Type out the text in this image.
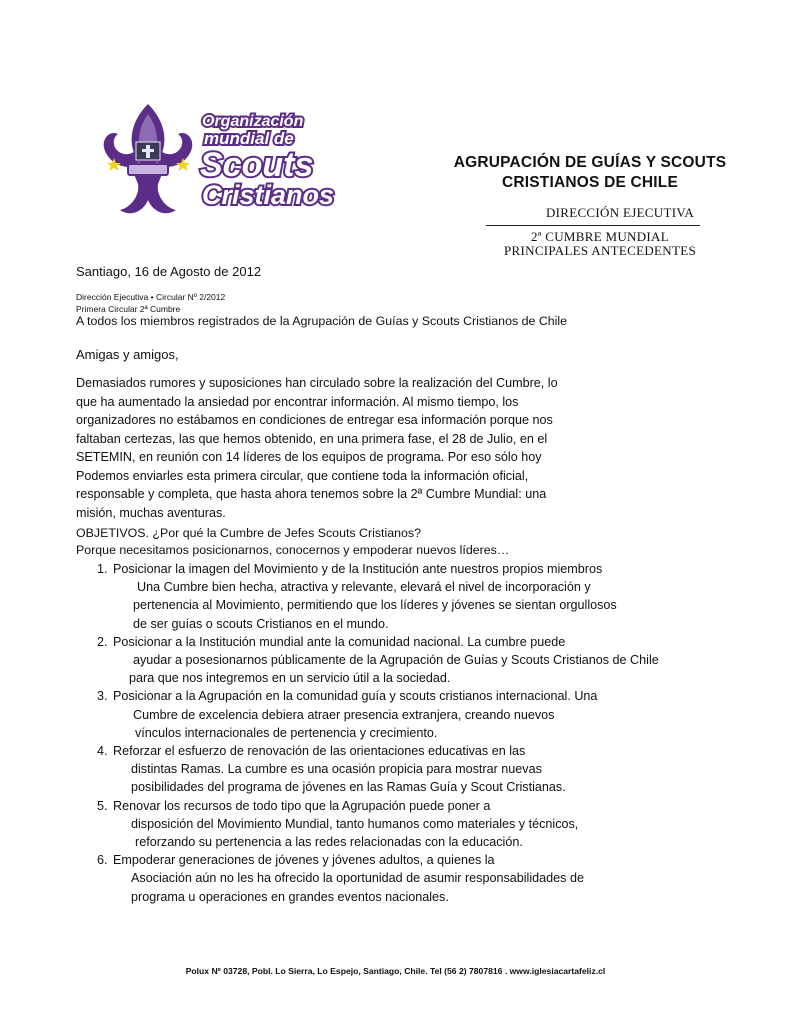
Organización
mundial de
Scouts
Cristianos
AGRUPACIÓN DE GUÍAS Y SCOUTS
CRISTIANOS DE CHILE
DIRECCIÓN EJECUTIVA
2ª CUMBRE MUNDIAL
PRINCIPALES ANTECEDENTES
Santiago, 16 de Agosto de 2012
Dirección Ejecutiva • Circular Nº 2/2012
Primera Circular 2ª Cumbre
A todos los miembros registrados de la Agrupación de Guías y Scouts Cristianos de Chile
Amigas y amigos,
Demasiados rumores y suposiciones han circulado sobre la realización del Cumbre, lo
que ha aumentado la ansiedad por encontrar información. Al mismo tiempo, los
organizadores no estábamos en condiciones de entregar esa información porque nos
faltaban certezas, las que hemos obtenido, en una primera fase, el 28 de Julio, en el
SETEMIN, en reunión con 14 líderes de los equipos de programa. Por eso sólo hoy
Podemos enviarles esta primera circular, que contiene toda la información oficial,
responsable y completa, que hasta ahora tenemos sobre la 2ª Cumbre Mundial: una
misión, muchas aventuras.
OBJETIVOS. ¿Por qué la Cumbre de Jefes Scouts Cristianos?
Porque necesitamos posicionarnos, conocernos y empoderar nuevos líderes…
1. Posicionar la imagen del Movimiento y de la Institución ante nuestros propios miembros
Una Cumbre bien hecha, atractiva y relevante, elevará el nivel de incorporación y
pertenencia al Movimiento, permitiendo que los líderes y jóvenes se sientan orgullosos
de ser guías o scouts Cristianos en el mundo.
2. Posicionar a la Institución mundial ante la comunidad nacional. La cumbre puede
ayudar a posesionarnos públicamente de la Agrupación de Guías y Scouts Cristianos de Chile
para que nos integremos en un servicio útil a la sociedad.
3. Posicionar a la Agrupación en la comunidad guía y scouts cristianos internacional. Una
Cumbre de excelencia debiera atraer presencia extranjera, creando nuevos
vínculos internacionales de pertenencia y crecimiento.
4. Reforzar el esfuerzo de renovación de las orientaciones educativas en las
distintas Ramas. La cumbre es una ocasión propicia para mostrar nuevas
posibilidades del programa de jóvenes en las Ramas Guía y Scout Cristianas.
5. Renovar los recursos de todo tipo que la Agrupación puede poner a
disposición del Movimiento Mundial, tanto humanos como materiales y técnicos,
reforzando su pertenencia a las redes relacionadas con la educación.
6. Empoderar generaciones de jóvenes y jóvenes adultos, a quienes la
Asociación aún no les ha ofrecido la oportunidad de asumir responsabilidades de
programa u operaciones en grandes eventos nacionales.
Polux Nº 03728, Pobl. Lo Sierra, Lo Espejo, Santiago, Chile. Tel (56 2) 7807816 . www.iglesiacartafeliz.cl
